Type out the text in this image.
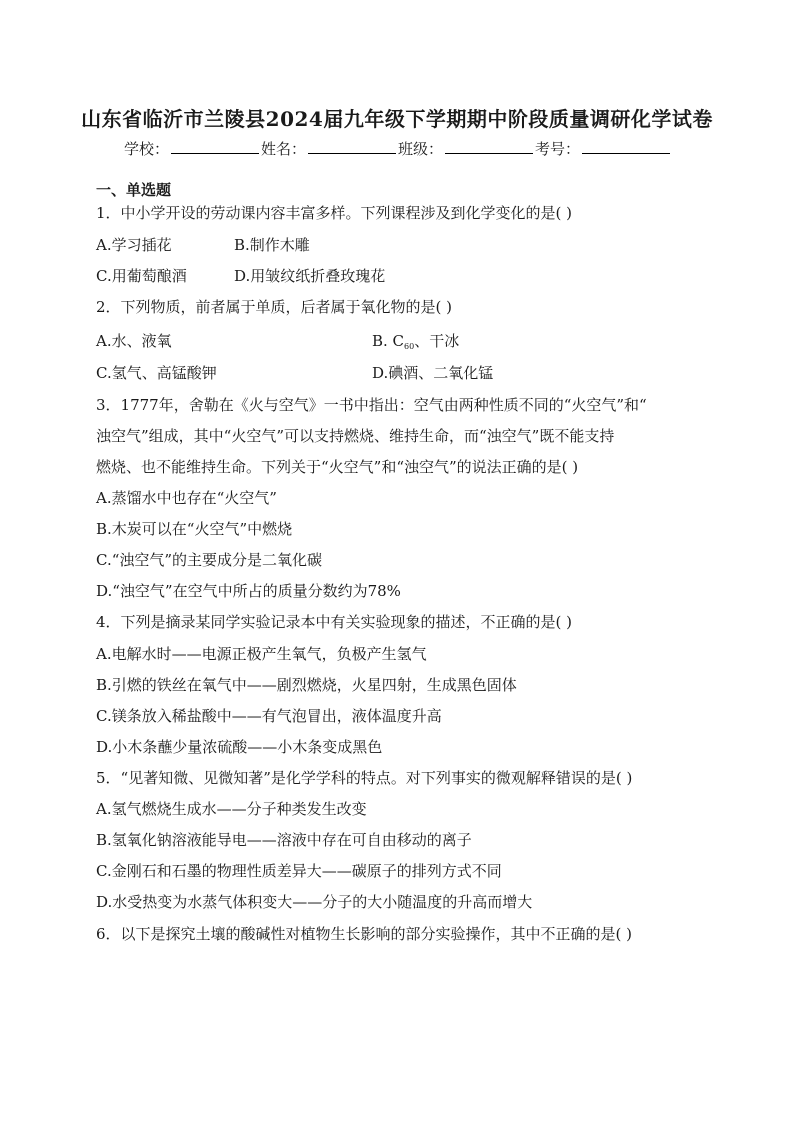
山东省临沂市兰陵县2024届九年级下学期期中阶段质量调研化学试卷
学校：	姓名：	班级：	考号：
一、单选题
1．中小学开设的劳动课内容丰富多样。下列课程涉及到化学变化的是( )
A.学习插花	B.制作木雕
C.用葡萄酿酒	D.用皱纹纸折叠玫瑰花
2．下列物质，前者属于单质，后者属于氧化物的是( )
A.水、液氧	B. $C_{60}$、干冰
C.氢气、高锰酸钾	D.碘酒、二氧化锰
3．1777年，舍勒在《火与空气》一书中指出：空气由两种性质不同的“火空气”和“
浊空气”组成，其中“火空气”可以支持燃烧、维持生命，而“浊空气”既不能支持
燃烧、也不能维持生命。下列关于“火空气”和“浊空气”的说法正确的是( )
A.蒸馏水中也存在“火空气”
B.木炭可以在“火空气”中燃烧
C.“浊空气”的主要成分是二氧化碳
D.“浊空气”在空气中所占的质量分数约为78%
4．下列是摘录某同学实验记录本中有关实验现象的描述，不正确的是( )
A.电解水时——电源正极产生氧气，负极产生氢气
B.引燃的铁丝在氧气中——剧烈燃烧，火星四射，生成黑色固体
C.镁条放入稀盐酸中——有气泡冒出，液体温度升高
D.小木条蘸少量浓硫酸——小木条变成黑色
5．“见著知微、见微知著”是化学学科的特点。对下列事实的微观解释错误的是( )
A.氢气燃烧生成水——分子种类发生改变
B.氢氧化钠溶液能导电——溶液中存在可自由移动的离子
C.金刚石和石墨的物理性质差异大——碳原子的排列方式不同
D.水受热变为水蒸气体积变大——分子的大小随温度的升高而增大
6．以下是探究土壤的酸碱性对植物生长影响的部分实验操作，其中不正确的是( )
